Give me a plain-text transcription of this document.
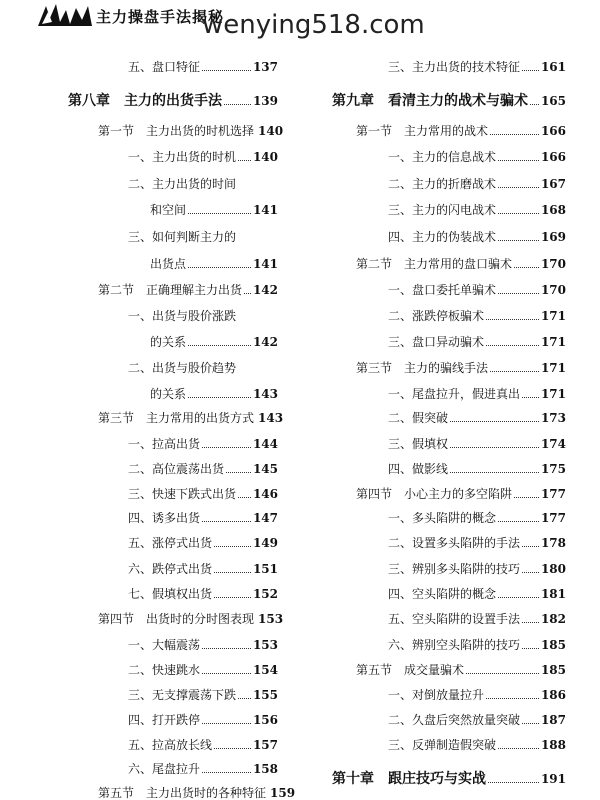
主力操盘手法揭秘
wenying518.com
五、盘口特征	137
第八章　主力的出货手法	139
第一节　主力出货的时机选择 140
一、主力出货的时机 140
二、主力出货的时间
和空间	141
三、如何判断主力的
出货点	141
第二节　正确理解主力出货 142
一、出货与股价涨跌
的关系	142
二、出货与股价趋势
的关系	143
第三节　主力常用的出货方式 143
一、拉高出货	144
二、高位震荡出货 145
三、快速下跌式出货 146
四、诱多出货	147
五、涨停式出货	149
六、跌停式出货	151
七、假填权出货	152
第四节　出货时的分时图表现 153
一、大幅震荡	153
二、快速跳水	154
三、无支撑震荡下跌 155
四、打开跌停	156
五、拉高放长线	157
六、尾盘拉升	158
第五节　主力出货时的各种特征 159
三、主力出货的技术特征 161
第九章　看清主力的战术与骗术 165
第一节　主力常用的战术	166
一、主力的信息战术	166
二、主力的折磨战术	167
三、主力的闪电战术	168
四、主力的伪装战术	169
第二节　主力常用的盘口骗术 170
一、盘口委托单骗术	170
二、涨跌停板骗术	171
三、盘口异动骗术	171
第三节　主力的骗线手法	171
一、尾盘拉升，假进真出 171
二、假突破	173
三、假填权	174
四、做影线	175
第四节　小心主力的多空陷阱 177
一、多头陷阱的概念	177
二、设置多头陷阱的手法 178
三、辨别多头陷阱的技巧 180
四、空头陷阱的概念	181
五、空头陷阱的设置手法 182
六、辨别空头陷阱的技巧 185
第五节　成交量骗术	185
一、对倒放量拉升	186
二、久盘后突然放量突破 187
三、反弹制造假突破	188
第十章　跟庄技巧与实战	191
